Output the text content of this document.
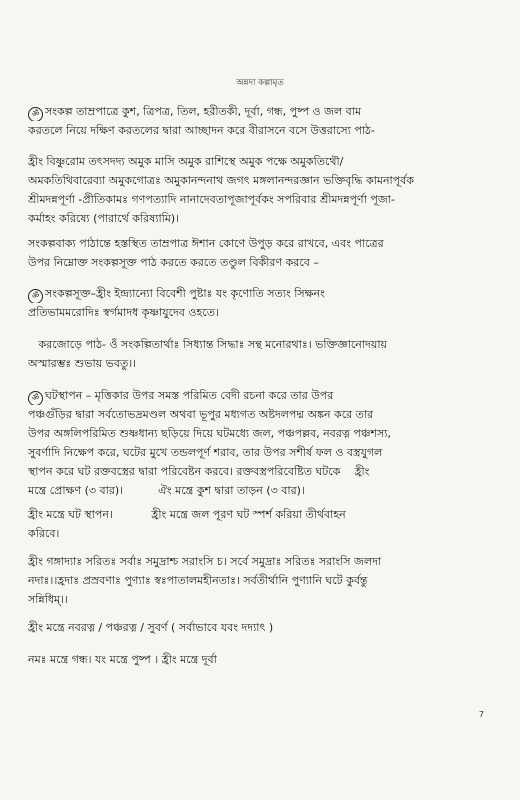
অন্নদা কল্পামৃত
ॐ সংকল্প তাম্রপাত্রে কুশ, ত্রিপত্র, তিল, হরীতকী, দূর্বা, গন্ধ, পুষ্প ও জল বাম
করতলে নিয়ে দক্ষিণ করতলের দ্বারা আচ্ছাদন করে বীরাসনে বসে উত্তরাস্যে পাঠ-
হ্রীং বিষ্ণুরোম তৎসদদ্য অমুক মাসি অমুক রাশিস্থে অমুক পক্ষে অমুকতিথৌ/
অমকতিথিবারেব্যা অমুকগোত্রঃ অমুকানন্দনাথ জগৎ মঙ্গলানন্দরজ্ঞান ভক্তিবৃদ্ধি কামনাপূর্বক
শ্রীমদন্নপূর্ণা -প্রীতিকামঃ গণপত্যাদি নানাদেবতাপূজাপূর্বকং সপরিবার শ্রীমদন্নপূর্ণা পূজা-
কর্মাহং করিষ্যে (পারার্থে করিষ্যামি)।
সংকল্পবাক্য পাঠান্তে হস্তস্থিত তাম্রপাত্র ঈশান কোণে উপুড় করে রাখবে, এবং পাত্রের
উপর নিম্নোক্ত সংকল্পসূক্ত পাঠ করতে করতে তণ্ডুল বিকীরণ করবে –
ॐ সংকল্পসূক্ত–হ্রীং ইন্দ্ৰ্যান্যো বিবেশী পুষ্টাঃ যং কৃণোতি সত্যং সিক্ষনং
প্রতিভামমরোদিঃ স্বর্গমাদধ কৃষ্ণাযুদেব ওহতে।
করজোড়ে পাঠ- ওঁ সংকল্পিতার্থাঃ সিধ্যান্ত সিদ্ধাঃ সন্থ মনোরথাঃ। ভক্তিজ্ঞানোদয়ায়
অস্মারম্ভঃ শুভায় ভবতু।।
ॐ ঘটস্থাপন – মৃত্তিকার উপর সমস্ত পরিমিত বেদী রচনা করে তার উপর
পঞ্চগুঁড়ির দ্বারা সর্বতোভদ্রমণ্ডল অথবা ভূপুর মধ্যগত অষ্টদলপদ্ম অঙ্কন করে তার
উপর অঙ্গলিপরিমিত শুষ্ণধান্য ছড়িয়ে দিয়ে ঘটমধ্যে জল, পঞ্চপল্লব, নবরত্ন পঞ্চশস্য,
সুবর্ণাদি নিক্ষেপ করে, ঘটের মুখে তন্ডলপূর্ণ শরাব, তার উপর সশীর্ষ ফল ও বস্ত্রযুগল
স্থাপন করে ঘট রক্তবস্ত্রের দ্বারা পরিবেষ্টন করবে। রক্তবস্ত্রপরিবেষ্টিত ঘটকে    হ্রীং
মন্ত্রে প্রোক্ষণ (৩ বার)।          ঐং মন্ত্রে কুশ দ্বারা তাড়ন (৩ বার)।
হ্রীং মন্ত্রে ঘট স্থাপন।           হ্রীং মন্ত্রে জল পূরণ ঘট স্পর্শ করিয়া তীর্থবাহন
করিবে।
হ্রীং গঙ্গাদ্যাঃ সরিতঃ সর্বাঃ সমুদ্রাশ্চ সরাংসি চ। সর্বে সমুদ্রাঃ সরিতঃ সরাংসি জলদা
নদাঃ।।হ্রদাঃ প্রস্রবণাঃ পুণ্যাঃ স্বঃপাতালমহীনতাঃ। সর্বতীর্থানি পুণ্যানি ঘটে কুর্বন্তু
সন্নিধিম্।।
হ্রীং মন্ত্রে নবরত্ন / পঞ্চরত্ন / সুবর্ণ ( সর্বাভাবে যবং দদ্যাৎ )
নমঃ মন্ত্রে গন্ধ। যং মন্ত্রে পুষ্প । হ্রীং মন্ত্রে দূর্বা
7
